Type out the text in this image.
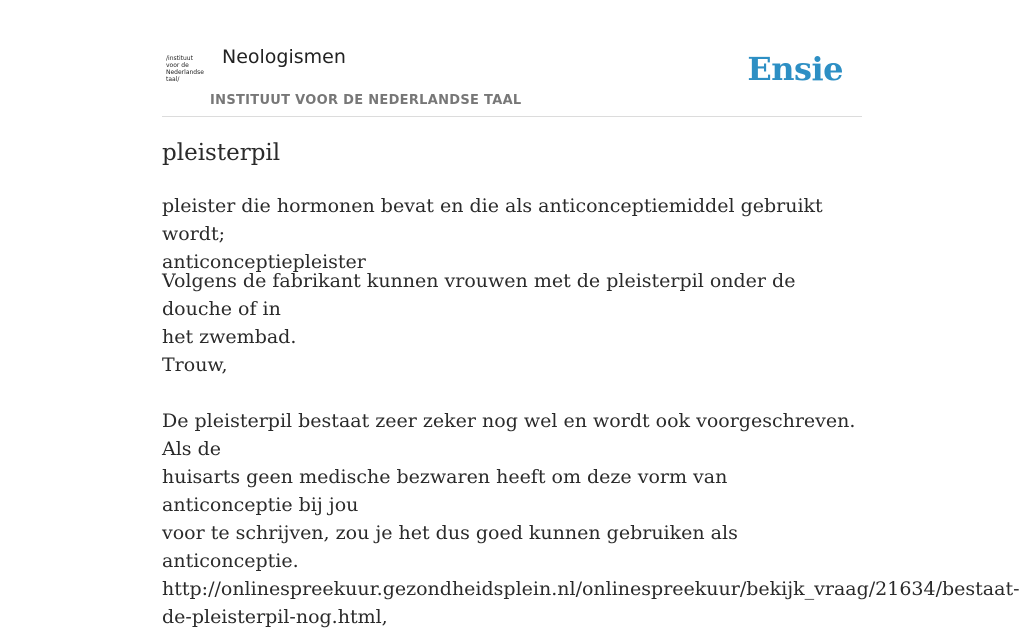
/instituut
voor de
Nederlandse
taal/
Neologismen
INSTITUUT VOOR DE NEDERLANDSE TAAL
Ensie
pleisterpil
pleister die hormonen bevat en die als anticonceptiemiddel gebruikt wordt;
anticonceptiepleister

Volgens de fabrikant kunnen vrouwen met de pleisterpil onder de douche of in

het zwembad.

Trouw,

De pleisterpil bestaat zeer zeker nog wel en wordt ook voorgeschreven. Als de

huisarts geen medische bezwaren heeft om deze vorm van anticonceptie bij jou

voor te schrijven, zou je het dus goed kunnen gebruiken als anticonceptie.

http://onlinespreekuur.gezondheidsplein.nl/onlinespreekuur/bekijk_vraag/21634/bestaat-

de-pleisterpil-nog.html,
